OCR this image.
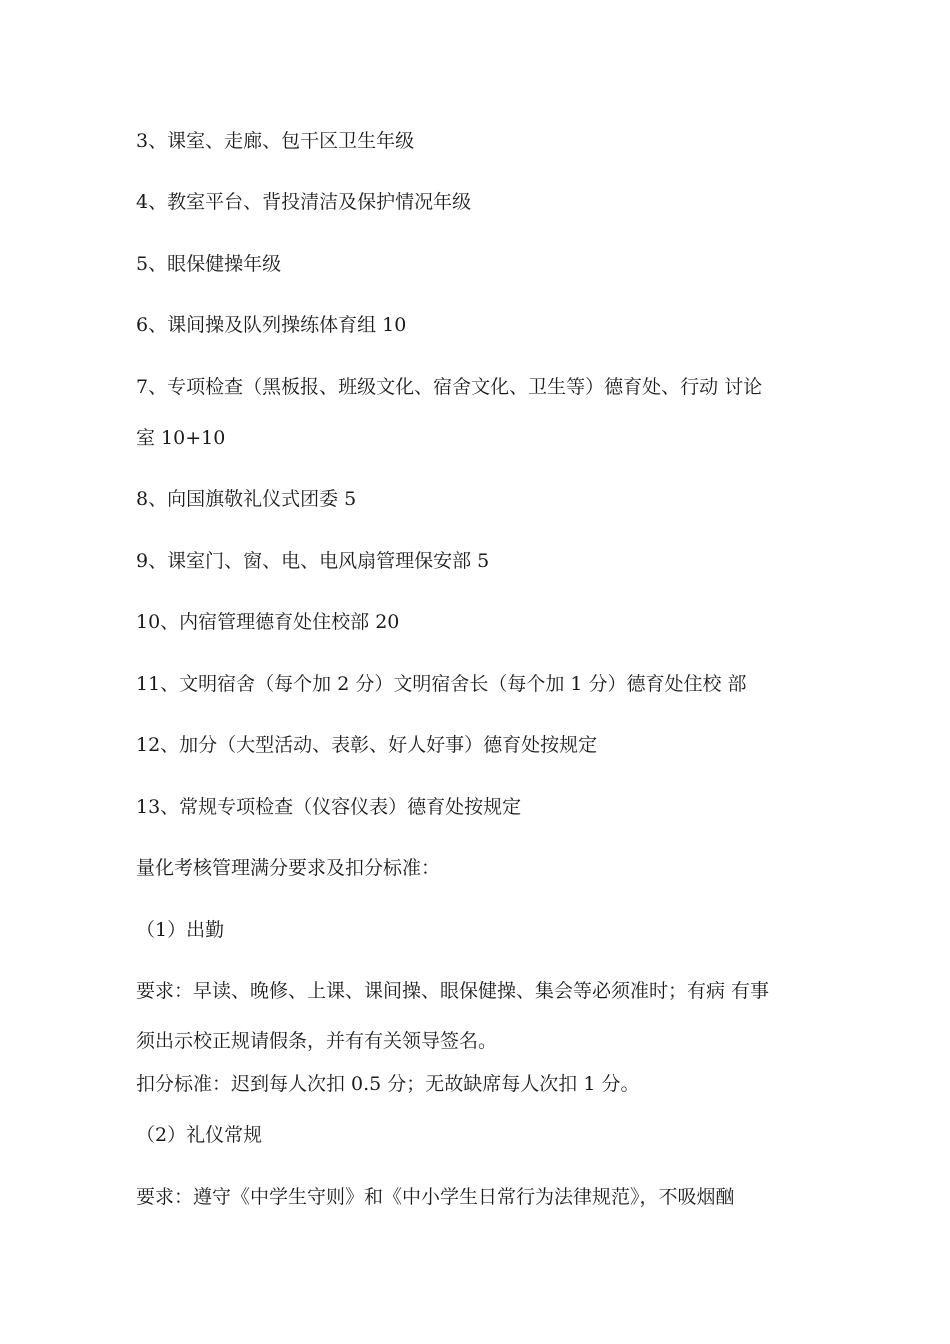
3、课室、走廊、包干区卫生年级

4、教室平台、背投清洁及保护情况年级

5、眼保健操年级

6、课间操及队列操练体育组 10

7、专项检查（黑板报、班级文化、宿舍文化、卫生等）德育处、行动 讨论

室 10+10

8、向国旗敬礼仪式团委 5

9、课室门、窗、电、电风扇管理保安部 5

10、内宿管理德育处住校部 20

11、文明宿舍（每个加 2 分）文明宿舍长（每个加 1 分）德育处住校 部

12、加分（大型活动、表彰、好人好事）德育处按规定

13、常规专项检查（仪容仪表）德育处按规定

量化考核管理满分要求及扣分标准：

（1）出勤

要求：早读、晚修、上课、课间操、眼保健操、集会等必须准时；有病 有事

须出示校正规请假条，并有有关领导签名。

扣分标准：迟到每人次扣 0.5 分；无故缺席每人次扣 1 分。

（2）礼仪常规

要求：遵守《中学生守则》和《中小学生日常行为法律规范》，不吸烟酗
